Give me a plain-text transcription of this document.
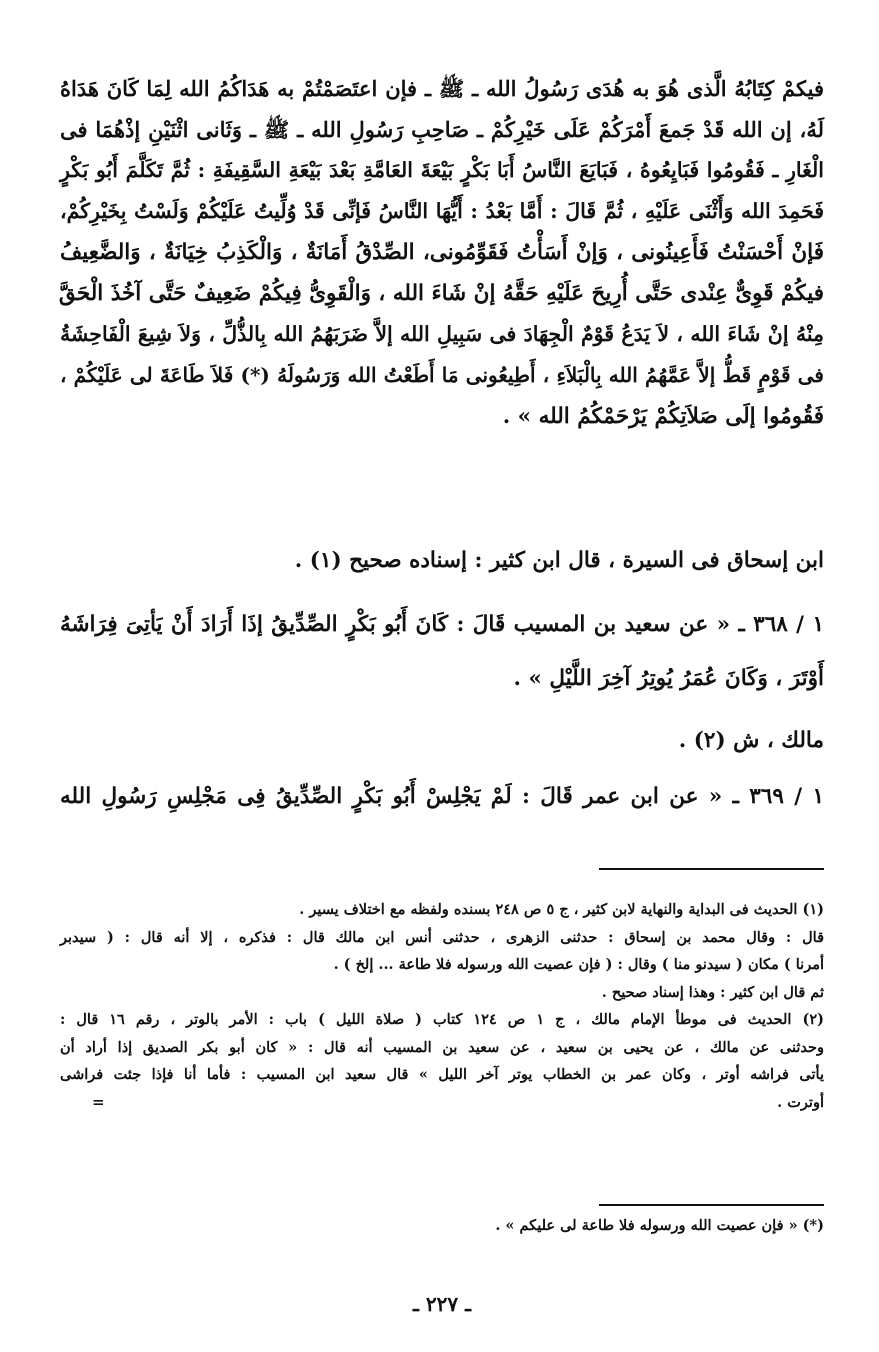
فيكمْ كِتَابُهُ الَّذى هُوَ به هُدَى رَسُولُ الله ـ ﷺ ـ فإن اعتَصَمْتُمْ به هَدَاكُمُ الله لِمَا كَانَ هَدَاهُ
لَهُ، إن الله قَدْ جَمعَ أَمْرَكُمْ عَلَى خَيْرِكُمْ ـ صَاحِبِ رَسُولِ الله ـ ﷺ ـ وَثَانى اثْنَيْنِ إذْهُمَا فى
الْغَارِ ـ فَقُومُوا فَبَايِعُوهُ ، فَبَايَعَ النَّاسُ أَبَا بَكْرٍ بَيْعَةَ العَامَّةِ بَعْدَ بَيْعَةِ السَّقِيفَةِ : ثُمَّ تَكَلَّمَ أَبُو بَكْرٍ
فَحَمِدَ الله وَأَثْنَى عَلَيْهِ ، ثُمَّ قَالَ : أَمَّا بَعْدُ : أَيُّهَا النَّاسُ فَإنِّى قَدْ وُلِّيتُ عَلَيْكُمْ وَلَسْتُ بِخَيْرِكُمْ،
فَإنْ أَحْسَنْتُ فَأَعِينُونى ، وَإنْ أَسَأْتُ فَقَوِّمُونى، الصِّدْقُ أَمَانَةٌ ، وَالْكَذِبُ خِيَانَةٌ ، وَالضَّعِيفُ
فيكُمْ قَوِىٌّ عِنْدى حَتَّى أُرِيحَ عَلَيْهِ حَقَّهُ إنْ شَاءَ الله ، وَالْقَوِىُّ فِيكُمْ ضَعِيفٌ حَتَّى آخُذَ الْحَقَّ
مِنْهُ إنْ شَاءَ الله ، لاَ يَدَعُ قَوْمٌ الْجِهَادَ فى سَبِيلِ الله إلاَّ ضَرَبَهُمُ الله بِالذُّلِّ ، وَلاَ شِيعَ الْفَاحِشَةُ
فى قَوْمٍ قَطُّ إلاَّ عَمَّهُمُ الله بِالْبَلاَءِ ، أَطِيعُونى مَا أَطَعْتُ الله وَرَسُولَهُ (*) فَلاَ طَاعَةَ لى عَلَيْكُمْ ،
فَقُومُوا إلَى صَلاَتِكُمْ يَرْحَمْكُمُ الله » .
ابن إسحاق فى السيرة ، قال ابن كثير : إسناده صحيح (١) .
١ / ٣٦٨ ـ « عن سعيد بن المسيب قَالَ : كَانَ أَبُو بَكْرٍ الصِّدِّيقُ إذَا أَرَادَ أَنْ يَأتِىَ فِرَاشَهُ
أَوْتَرَ ، وَكَانَ عُمَرُ يُوتِرُ آخِرَ اللَّيْلِ » .
مالك ، ش (٢) .
١ / ٣٦٩ ـ « عن ابن عمر قَالَ : لَمْ يَجْلِسْ أَبُو بَكْرٍ الصِّدِّيقُ فِى مَجْلِسِ رَسُولِ الله
(١) الحديث فى البداية والنهاية لابن كثير ، ج ٥ ص ٢٤٨ بسنده ولفظه مع اختلاف يسير .
قال : وقال محمد بن إسحاق : حدثنى الزهرى ، حدثنى أنس ابن مالك قال : فذكره ، إلا أنه قال : ( سيدبر
أمرنا ) مكان ( سيدنو منا ) وقال : ( فإن عصيت الله ورسوله فلا طاعة ... إلخ ) .
ثم قال ابن كثير : وهذا إسناد صحيح .
(٢) الحديث فى موطأ الإمام مالك ، ج ١ ص ١٢٤ كتاب ( صلاة الليل ) باب : الأمر بالوتر ، رقم ١٦ قال :
وحدثنى عن مالك ، عن يحيى بن سعيد ، عن سعيد بن المسيب أنه قال : « كان أبو بكر الصديق إذا أراد أن
يأتى فراشه أوتر ، وكان عمر بن الخطاب يوتر آخر الليل » قال سعيد ابن المسيب : فأما أنا فإذا جئت فراشى
أوترت .
=
(*) « فإن عصيت الله ورسوله فلا طاعة لى عليكم » .
ـ ٢٢٧ ـ
